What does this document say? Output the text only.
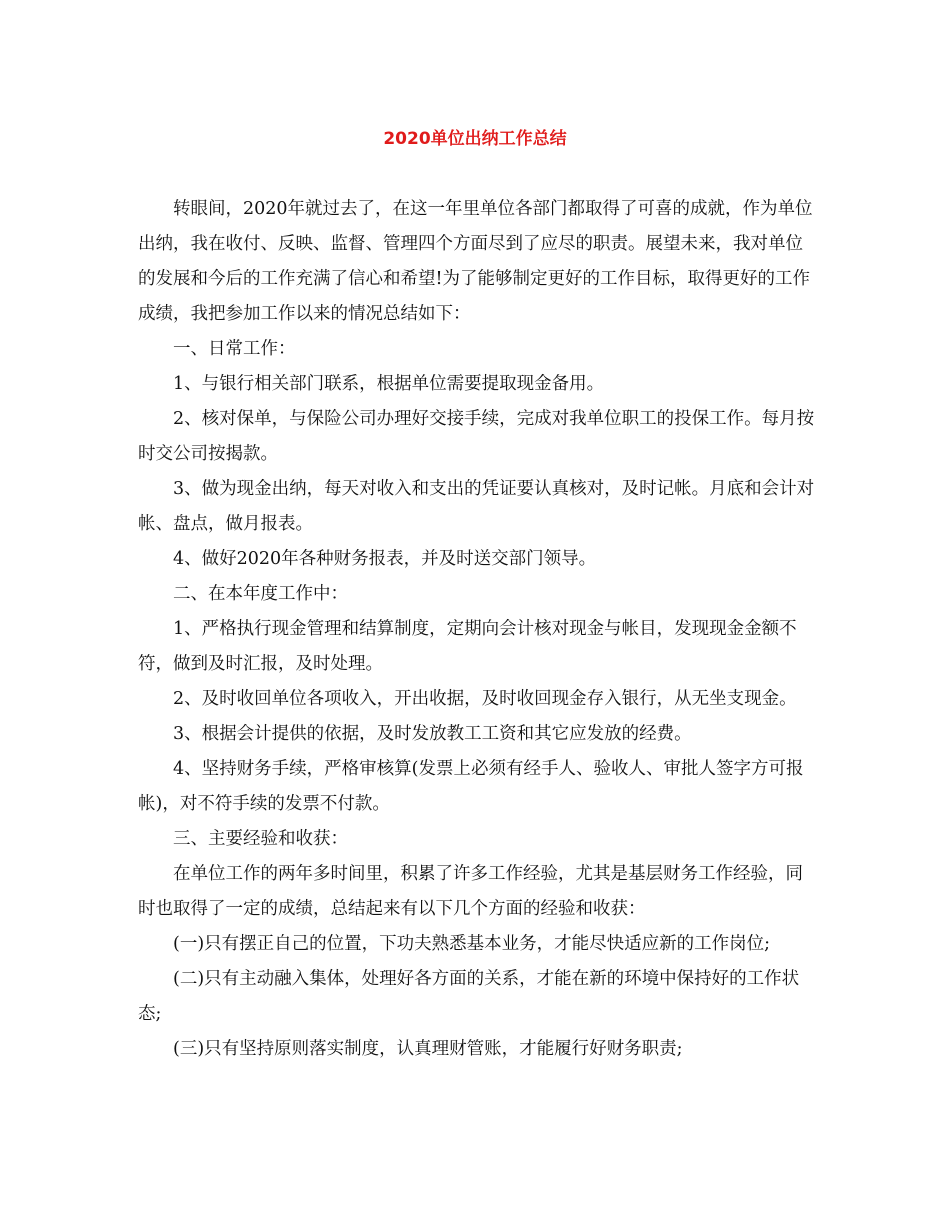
2020单位出纳工作总结

转眼间，2020年就过去了，在这一年里单位各部门都取得了可喜的成就，作为单位出纳，我在收付、反映、监督、管理四个方面尽到了应尽的职责。展望未来，我对单位的发展和今后的工作充满了信心和希望!为了能够制定更好的工作目标，取得更好的工作成绩，我把参加工作以来的情况总结如下：

一、日常工作：

1、与银行相关部门联系，根据单位需要提取现金备用。

2、核对保单，与保险公司办理好交接手续，完成对我单位职工的投保工作。每月按时交公司按揭款。

3、做为现金出纳，每天对收入和支出的凭证要认真核对，及时记帐。月底和会计对帐、盘点，做月报表。

4、做好2020年各种财务报表，并及时送交部门领导。

二、在本年度工作中：

1、严格执行现金管理和结算制度，定期向会计核对现金与帐目，发现现金金额不符，做到及时汇报，及时处理。

2、及时收回单位各项收入，开出收据，及时收回现金存入银行，从无坐支现金。

3、根据会计提供的依据，及时发放教工工资和其它应发放的经费。

4、坚持财务手续，严格审核算(发票上必须有经手人、验收人、审批人签字方可报帐)，对不符手续的发票不付款。

三、主要经验和收获：

在单位工作的两年多时间里，积累了许多工作经验，尤其是基层财务工作经验，同时也取得了一定的成绩，总结起来有以下几个方面的经验和收获：

(一)只有摆正自己的位置，下功夫熟悉基本业务，才能尽快适应新的工作岗位;

(二)只有主动融入集体，处理好各方面的关系，才能在新的环境中保持好的工作状态;

(三)只有坚持原则落实制度，认真理财管账，才能履行好财务职责;
